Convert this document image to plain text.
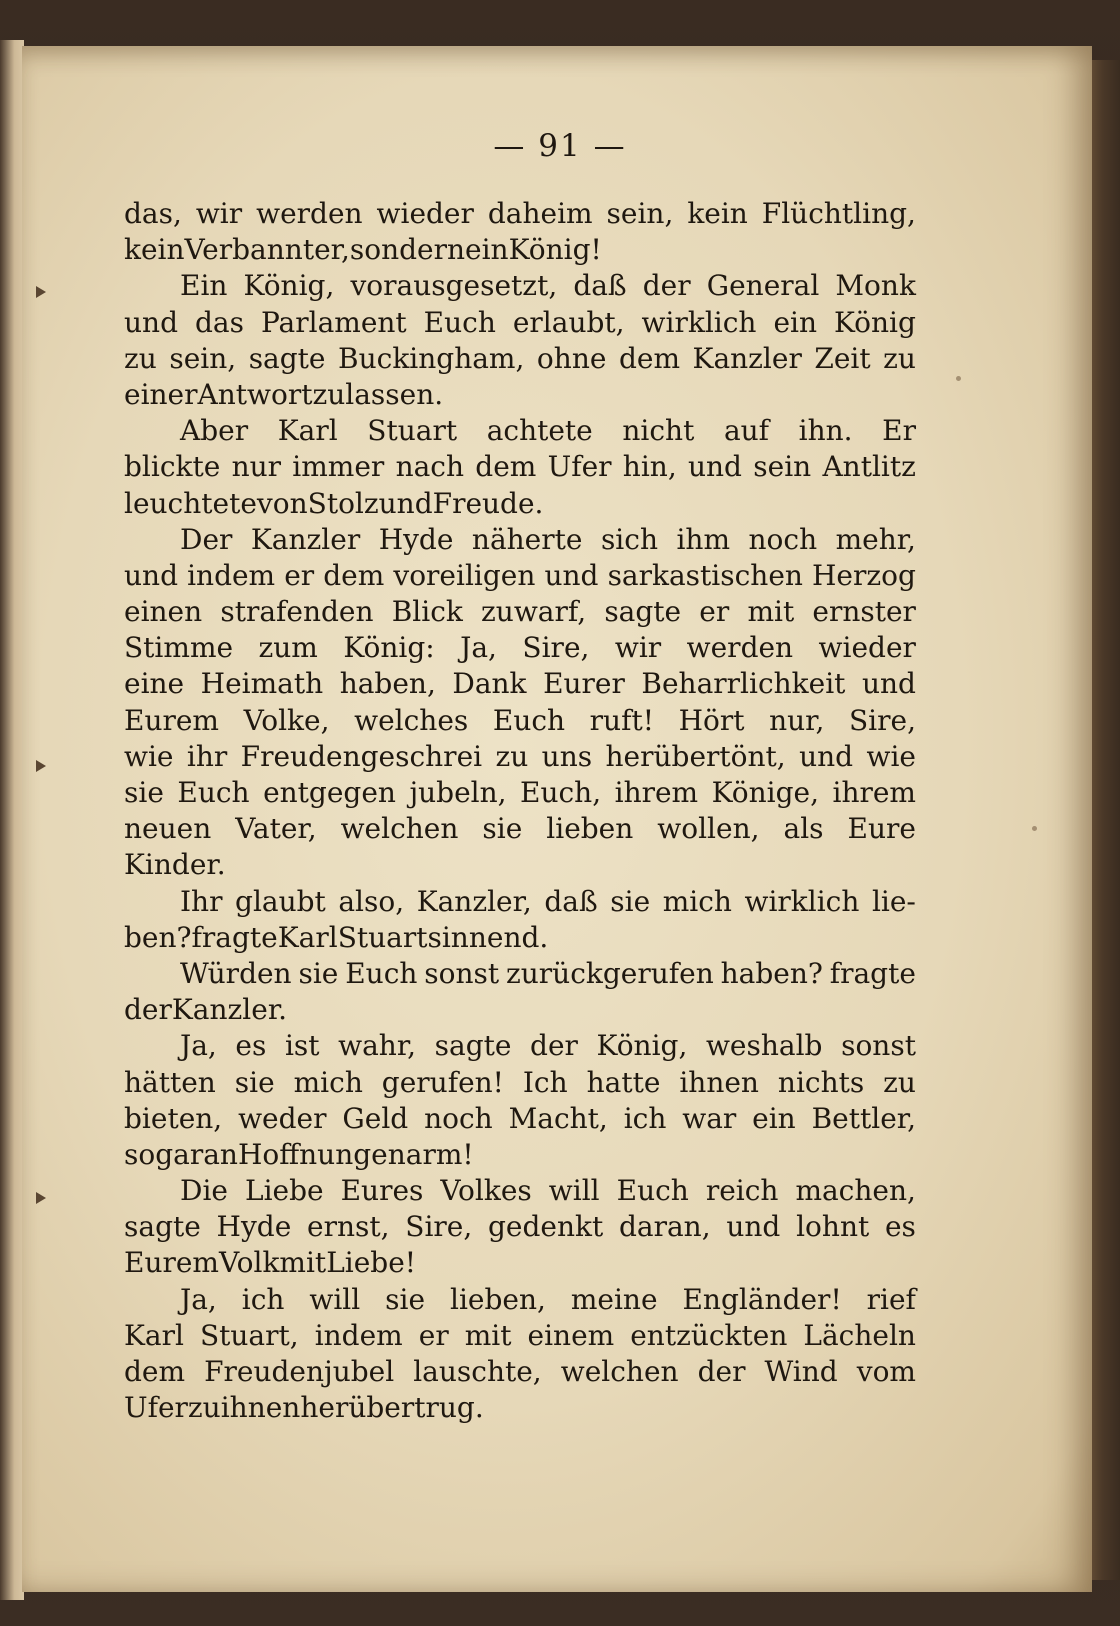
— 91 —
das, wir werden wieder daheim sein, kein Flüchtling,
kein Verbannter, sondern ein König!
Ein König, vorausgesetzt, daß der General Monk
und das Parlament Euch erlaubt, wirklich ein König
zu sein, sagte Buckingham, ohne dem Kanzler Zeit zu
einer Antwort zu lassen.
Aber Karl Stuart achtete nicht auf ihn. Er
blickte nur immer nach dem Ufer hin, und sein Antlitz
leuchtete von Stolz und Freude.
Der Kanzler Hyde näherte sich ihm noch mehr,
und indem er dem voreiligen und sarkastischen Herzog
einen strafenden Blick zuwarf, sagte er mit ernster
Stimme zum König: Ja, Sire, wir werden wieder
eine Heimath haben, Dank Eurer Beharrlichkeit und
Eurem Volke, welches Euch ruft! Hört nur, Sire,
wie ihr Freudengeschrei zu uns herübertönt, und wie
sie Euch entgegen jubeln, Euch, ihrem Könige, ihrem
neuen Vater, welchen sie lieben wollen, als Eure
Kinder.
Ihr glaubt also, Kanzler, daß sie mich wirklich lie-
ben? fragte Karl Stuart sinnend.
Würden sie Euch sonst zurückgerufen haben? fragte
der Kanzler.
Ja, es ist wahr, sagte der König, weshalb sonst
hätten sie mich gerufen! Ich hatte ihnen nichts zu
bieten, weder Geld noch Macht, ich war ein Bettler,
sogar an Hoffnungen arm!
Die Liebe Eures Volkes will Euch reich machen,
sagte Hyde ernst, Sire, gedenkt daran, und lohnt es
Eurem Volk mit Liebe!
Ja, ich will sie lieben, meine Engländer! rief
Karl Stuart, indem er mit einem entzückten Lächeln
dem Freudenjubel lauschte, welchen der Wind vom
Ufer zu ihnen herüber trug.
